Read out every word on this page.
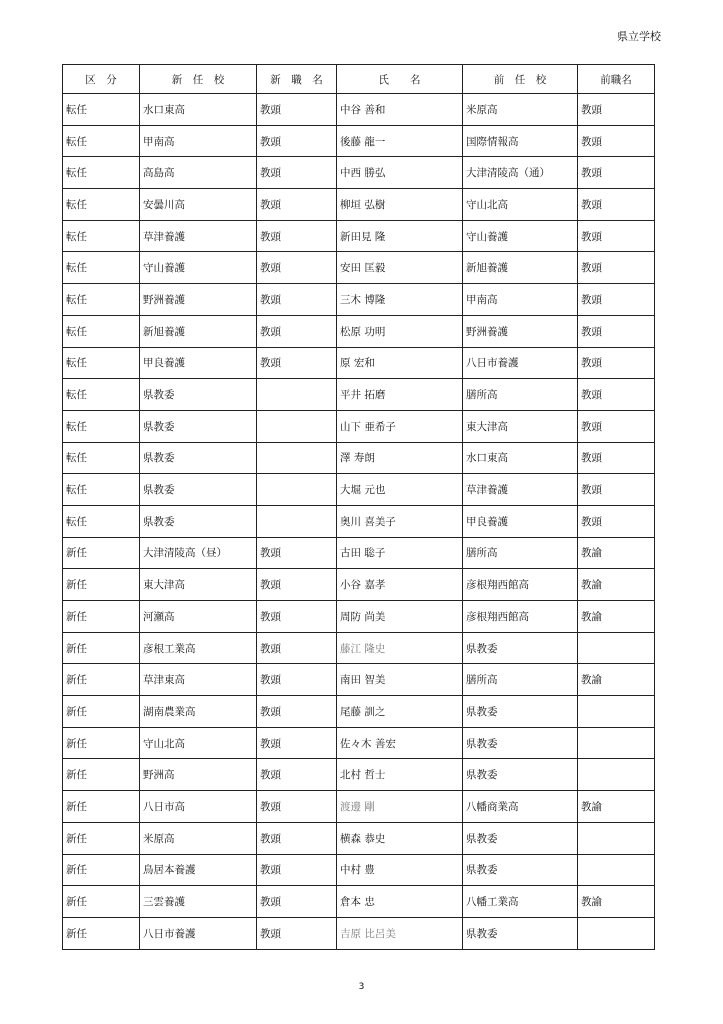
県立学校
区　分	新　任　校	新　職　名	氏　　名	前　任　校	前職名
転任	水口東高	教頭	中谷 善和	米原高	教頭
転任	甲南高	教頭	後藤 龍一	国際情報高	教頭
転任	高島高	教頭	中西 勝弘	大津清陵高（通）	教頭
転任	安曇川高	教頭	柳垣 弘樹	守山北高	教頭
転任	草津養護	教頭	新田見 隆	守山養護	教頭
転任	守山養護	教頭	安田 匡毅	新旭養護	教頭
転任	野洲養護	教頭	三木 博隆	甲南高	教頭
転任	新旭養護	教頭	松原 功明	野洲養護	教頭
転任	甲良養護	教頭	原 宏和	八日市養護	教頭
転任	県教委		平井 拓磨	膳所高	教頭
転任	県教委		山下 亜希子	東大津高	教頭
転任	県教委		澤 寿朗	水口東高	教頭
転任	県教委		大堀 元也	草津養護	教頭
転任	県教委		奥川 喜美子	甲良養護	教頭
新任	大津清陵高（昼）	教頭	古田 聡子	膳所高	教諭
新任	東大津高	教頭	小谷 嘉孝	彦根翔西館高	教諭
新任	河瀬高	教頭	周防 尚美	彦根翔西館高	教諭
新任	彦根工業高	教頭	藤江 隆史	県教委	
新任	草津東高	教頭	南田 智美	膳所高	教諭
新任	湖南農業高	教頭	尾藤 訓之	県教委	
新任	守山北高	教頭	佐々木 善宏	県教委	
新任	野洲高	教頭	北村 哲士	県教委	
新任	八日市高	教頭	渡邊 剛	八幡商業高	教諭
新任	米原高	教頭	横森 恭史	県教委	
新任	鳥居本養護	教頭	中村 豊	県教委	
新任	三雲養護	教頭	倉本 忠	八幡工業高	教諭
新任	八日市養護	教頭	吉原 比呂美	県教委	
3
